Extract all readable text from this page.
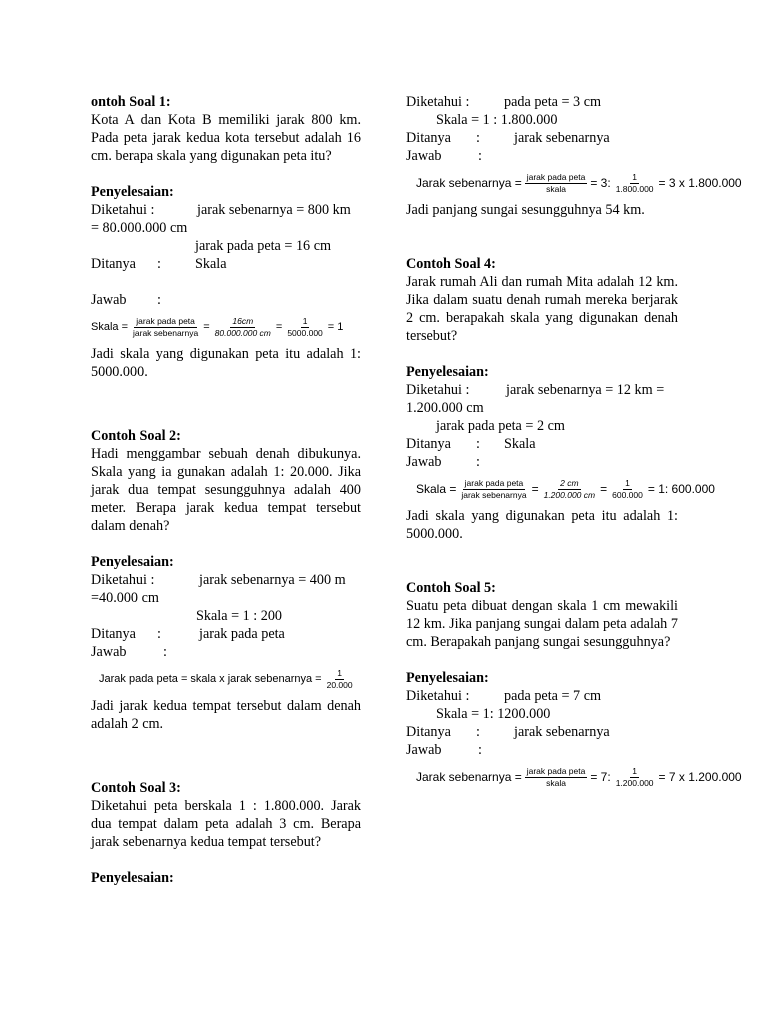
ontoh Soal 1:

Kota A dan Kota B memiliki jarak 800 km. Pada peta jarak kedua kota tersebut adalah 16 cm. berapa skala yang digunakan peta itu?

Penyelesaian:

Diketahui :	jarak sebenarnya = 800 km

= 80.000.000 cm

jarak pada peta = 16 cm
Ditanya : Skala
Jawab :
Skala = $\frac{\text{jarak pada peta}}{\text{jarak sebenarnya}} = \frac{16cm}{80.000.000 cm} = \frac{1}{5000.000} = 1$

Jadi skala yang digunakan peta itu adalah 1: 5000.000.

Contoh Soal 2:

Hadi menggambar sebuah denah dibukunya. Skala yang ia gunakan adalah 1: 20.000. Jika jarak dua tempat sesungguhnya adalah 400 meter. Berapa jarak kedua tempat tersebut dalam denah?

Penyelesaian:

Diketahui :	jarak sebenarnya = 400 m

=40.000 cm

Skala = 1 : 200
Ditanya :	jarak pada peta
Jawab	:
Jarak pada peta = skala x jarak sebenarnya = $\frac{1}{20.000}$

Jadi jarak kedua tempat tersebut dalam denah adalah 2 cm.

Contoh Soal 3:

Diketahui peta berskala 1 : 1.800.000. Jarak dua tempat dalam peta adalah 3 cm. Berapa jarak sebenarnya kedua tempat tersebut?

Penyelesaian:

Diketahui : pada peta = 3 cm
Skala = 1 : 1.800.000
Ditanya : jarak sebenarnya
Jawab	:
Jarak sebenarnya = $\frac{\text{jarak pada peta}}{\text{skala}} = 3$: $\frac{1}{1.800.000} = 3$ x 1.800.000

Jadi panjang sungai sesungguhnya 54 km.

Contoh Soal 4:

Jarak rumah Ali dan rumah Mita adalah 12 km. Jika dalam suatu denah rumah mereka berjarak 2 cm. berapakah skala yang digunakan denah tersebut?

Penyelesaian:

Diketahui :	jarak sebenarnya = 12 km =

1.200.000 cm

jarak pada peta = 2 cm
Ditanya : Skala
Jawab :
Skala = $\frac{\text{jarak pada peta}}{\text{jarak sebenarnya}} = \frac{2 cm}{1.200.000 cm} = \frac{1}{600.000} = 1$: 600.000

Jadi skala yang digunakan peta itu adalah 1: 5000.000.

Contoh Soal 5:

Suatu peta dibuat dengan skala 1 cm mewakili 12 km. Jika panjang sungai dalam peta adalah 7 cm. Berapakah panjang sungai sesungguhnya?

Penyelesaian:

Diketahui : pada peta = 7 cm
Skala = 1: 1200.000
Ditanya : jarak sebenarnya
Jawab	:
Jarak sebenarnya = $\frac{\text{jarak pada peta}}{\text{skala}} = 7$: $\frac{1}{1.200.000} = 7$ x 1.200.000
